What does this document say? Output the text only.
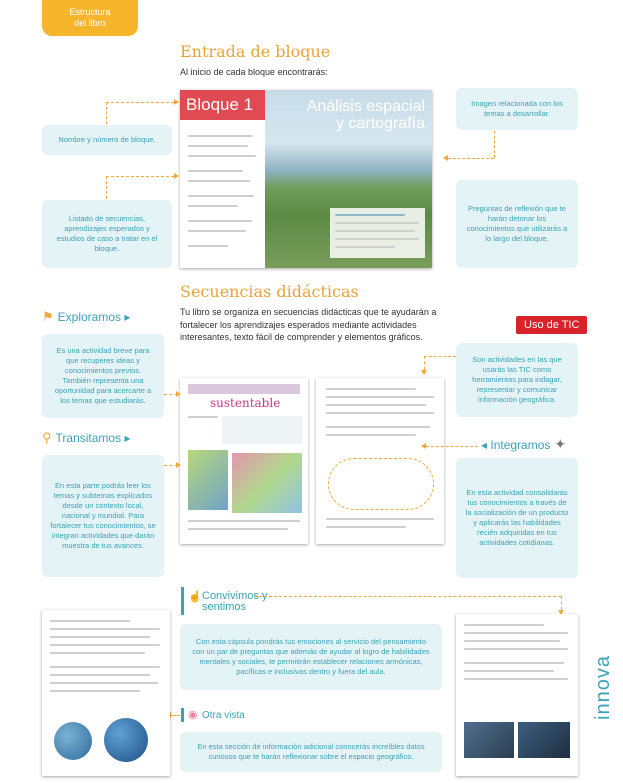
Estructura
del libro
Entrada de bloque
Al inicio de cada bloque encontrarás:
Bloque 1	Análisis espacial y cartografía
Nombre y número de bloque.
Listado de secuencias, aprendizajes esperados y estudios de caso a tratar en el bloque.
Imagen relacionada con los temas a desarrollar.
Preguntas de reflexión que te harán detonar los conocimientos que utilizarás a lo largo del bloque.
Secuencias didácticas
Tu libro se organiza en secuencias didácticas que te ayudarán a fortalecer los aprendizajes esperados mediante actividades interesantes, texto fácil de comprender y elementos gráficos.
⚑ Exploramos ▸
Es una actividad breve para que recuperes ideas y conocimientos previos. También representa una oportunidad para acercarte a los temas que estudiarás.
⚲ Transitamos ▸
En esta parte podrás leer los temas y subtemas explicados desde un contexto local, nacional y mundial. Para fortalecer tus conocimientos, se integran actividades que darán muestra de tus avances.
sustentable
Uso de TIC
Son actividades en las que usarás las TIC como herramientas para indagar, representar y comunicar información geográfica.
◂ Integramos ✦
En esta actividad consolidarás tus conocimientos a través de la socialización de un producto y aplicarás las habilidades recién adquiridas en tus actividades cotidianas.
☝ Convivimos y sentimos
Con esta cápsula pondrás tus emociones al servicio del pensamiento con un par de preguntas que además de ayudar al logro de habilidades mentales y sociales, te permitirán establecer relaciones armónicas, pacíficas e inclusivas dentro y fuera del aula.
◉ Otra vista
En esta sección de información adicional conocerás increíbles datos curiosos que te harán reflexionar sobre el espacio geográfico.
innova
